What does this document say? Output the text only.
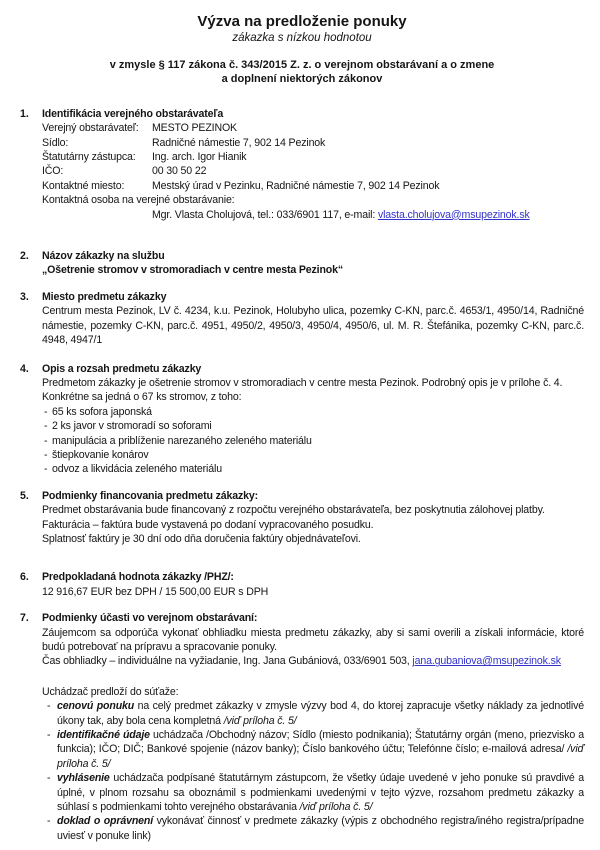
Výzva na predloženie ponuky
zákazka s nízkou hodnotou
v zmysle § 117 zákona č. 343/2015 Z. z. o verejnom obstarávaní a o zmene
a doplnení niektorých zákonov
1.	Identifikácia verejného obstarávateľa
Verejný obstarávateľ:	MESTO PEZINOK
Sídlo:	Radničné námestie 7, 902 14 Pezinok
Štatutárny zástupca:	Ing. arch. Igor Hianik
IČO:	00 30 50 22
Kontaktné miesto:	Mestský úrad v Pezinku, Radničné námestie 7, 902 14 Pezinok
Kontaktná osoba na verejné obstarávanie:
Mgr. Vlasta Cholujová, tel.: 033/6901 117, e-mail: vlasta.cholujova@msupezinok.sk
2.	Názov zákazky na službu
„Ošetrenie stromov v stromoradiach v centre mesta Pezinok“
3.	Miesto predmetu zákazky
Centrum mesta Pezinok, LV č. 4234, k.u. Pezinok, Holubyho ulica, pozemky C-KN, parc.č. 4653/1, 4950/14, Radničné námestie, pozemky C-KN, parc.č. 4951, 4950/2, 4950/3, 4950/4, 4950/6, ul. M. R. Štefánika, pozemky C-KN, parc.č. 4948, 4947/1
4.	Opis a rozsah predmetu zákazky
Predmetom zákazky je ošetrenie stromov v stromoradiach v centre mesta Pezinok. Podrobný opis je v prílohe č. 4.
Konkrétne sa jedná o 67 ks stromov, z toho:
- 65 ks sofora japonská
- 2 ks javor v stromoradí so soforami
- manipulácia a priblíženie narezaného zeleného materiálu
- štiepkovanie konárov
- odvoz a likvidácia zeleného materiálu
5.	Podmienky financovania predmetu zákazky:
Predmet obstarávania bude financovaný z rozpočtu verejného obstarávateľa, bez poskytnutia zálohovej platby.
Fakturácia – faktúra bude vystavená po dodaní vypracovaného posudku.
Splatnosť faktúry je 30 dní odo dňa doručenia faktúry objednávateľovi.
6.	Predpokladaná hodnota zákazky /PHZ/:
12 916,67 EUR bez DPH / 15 500,00 EUR s DPH
7.	Podmienky účasti vo verejnom obstarávaní:
Záujemcom sa odporúča vykonať obhliadku miesta predmetu zákazky, aby si sami overili a získali informácie, ktoré budú potrebovať na prípravu a spracovanie ponuky.
Čas obhliadky – individuálne na vyžiadanie, Ing. Jana Gubániová, 033/6901 503, jana.gubaniova@msupezinok.sk
Uchádzač predloží do súťaže:
- cenovú ponuku na celý predmet zákazky v zmysle výzvy bod 4, do ktorej zapracuje všetky náklady za jednotlivé úkony tak, aby bola cena kompletná /viď príloha č. 5/
- identifikačné údaje uchádzača /Obchodný názov; Sídlo (miesto podnikania); Štatutárny orgán (meno, priezvisko a funkcia); IČO; DIČ; Bankové spojenie (názov banky); Číslo bankového účtu; Telefónne číslo; e-mailová adresa/ /viď príloha č. 5/
- vyhlásenie uchádzača podpísané štatutárnym zástupcom, že všetky údaje uvedené v jeho ponuke sú pravdivé a úplné, v plnom rozsahu sa oboznámil s podmienkami uvedenými v tejto výzve, rozsahom predmetu zákazky a súhlasí s podmienkami tohto verejného obstarávania /viď príloha č. 5/
- doklad o oprávnení vykonávať činnosť v predmete zákazky (výpis z obchodného registra/iného registra/prípadne uviesť v ponuke link)
